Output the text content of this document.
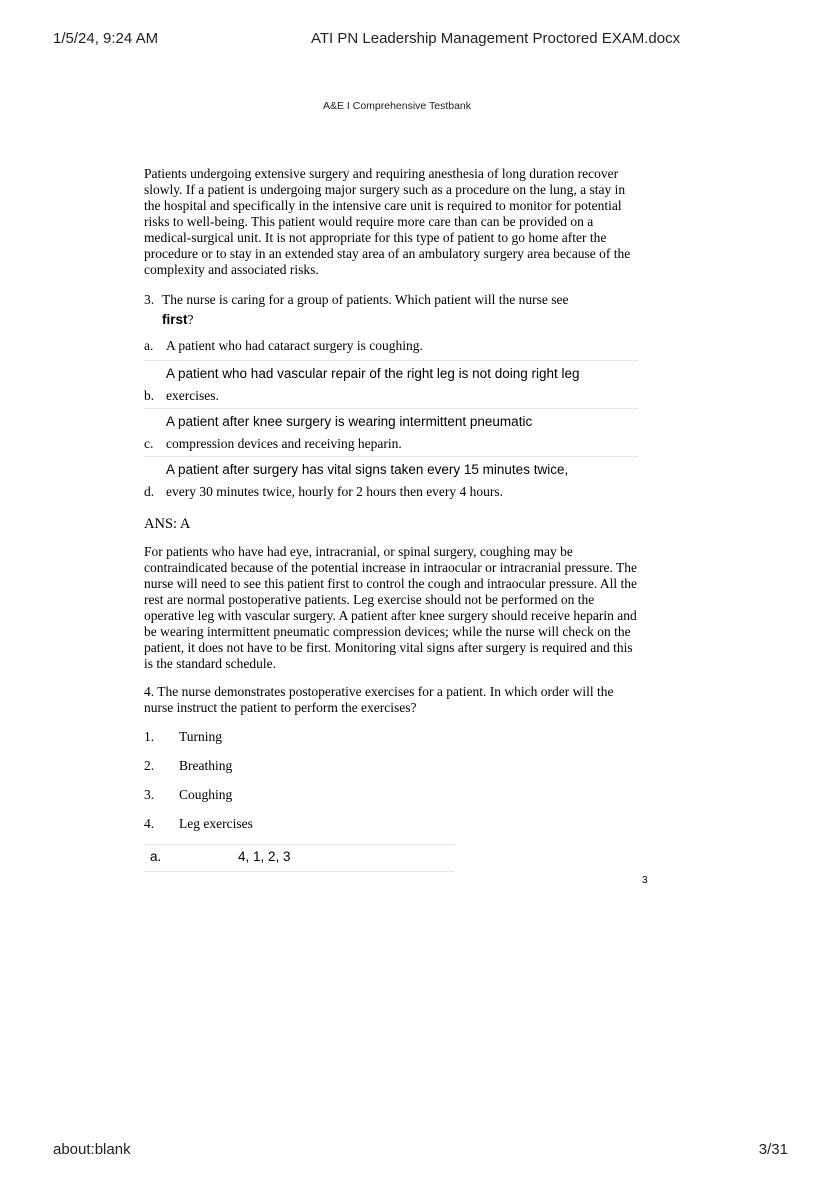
1/5/24, 9:24 AM	ATI PN Leadership Management Proctored EXAM.docx
A&E I Comprehensive Testbank

Patients undergoing extensive surgery and requiring anesthesia of long duration recover slowly. If a patient is undergoing major surgery such as a procedure on the lung, a stay in the hospital and specifically in the intensive care unit is required to monitor for potential risks to well-being. This patient would require more care than can be provided on a medical-surgical unit. It is not appropriate for this type of patient to go home after the procedure or to stay in an extended stay area of an ambulatory surgery area because of the complexity and associated risks.

3. The nurse is caring for a group of patients. Which patient will the nurse see
first?
a. A patient who had cataract surgery is coughing.
b.
A patient who had vascular repair of the right leg is not doing right leg
exercises.
c.
A patient after knee surgery is wearing intermittent pneumatic
compression devices and receiving heparin.
d.
A patient after surgery has vital signs taken every 15 minutes twice,
every 30 minutes twice, hourly for 2 hours then every 4 hours.

ANS: A

For patients who have had eye, intracranial, or spinal surgery, coughing may be contraindicated because of the potential increase in intraocular or intracranial pressure. The nurse will need to see this patient first to control the cough and intraocular pressure. All the rest are normal postoperative patients. Leg exercise should not be performed on the operative leg with vascular surgery. A patient after knee surgery should receive heparin and be wearing intermittent pneumatic compression devices; while the nurse will check on the patient, it does not have to be first. Monitoring vital signs after surgery is required and this is the standard schedule.

4. The nurse demonstrates postoperative exercises for a patient. In which order will the nurse instruct the patient to perform the exercises?

1.	Turning
2.	Breathing
3.	Coughing
4.	Leg exercises
a.	4, 1, 2, 3
3
about:blank	3/31
